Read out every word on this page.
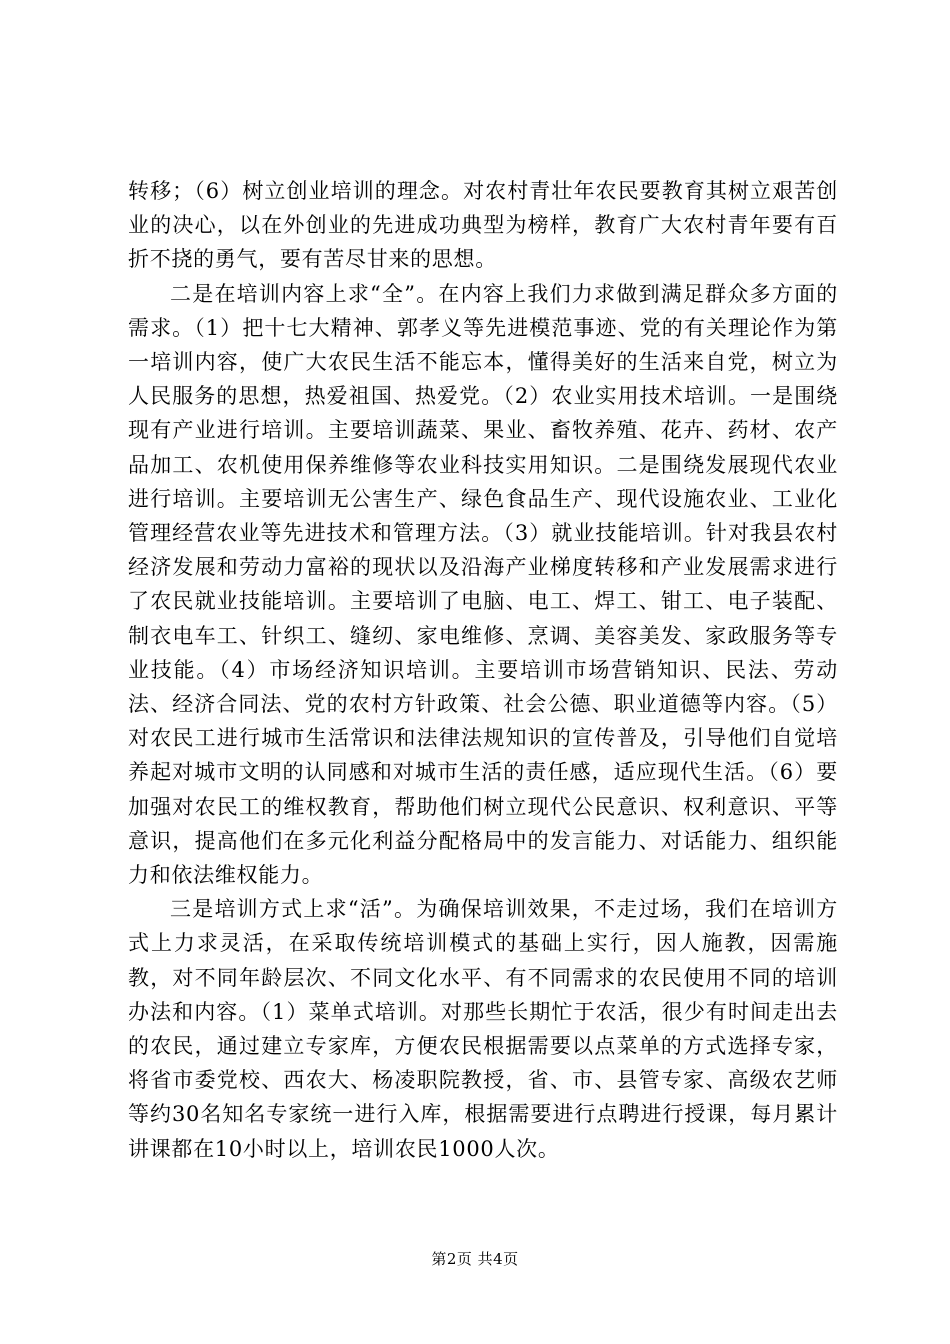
转移；（6）树立创业培训的理念。对农村青壮年农民要教育其树立艰苦创业的决心，以在外创业的先进成功典型为榜样，教育广大农村青年要有百折不挠的勇气，要有苦尽甘来的思想。

二是在培训内容上求“全”。在内容上我们力求做到满足群众多方面的需求。（1）把十七大精神、郭孝义等先进模范事迹、党的有关理论作为第一培训内容，使广大农民生活不能忘本，懂得美好的生活来自党，树立为人民服务的思想，热爱祖国、热爱党。（2）农业实用技术培训。一是围绕现有产业进行培训。主要培训蔬菜、果业、畜牧养殖、花卉、药材、农产品加工、农机使用保养维修等农业科技实用知识。二是围绕发展现代农业进行培训。主要培训无公害生产、绿色食品生产、现代设施农业、工业化管理经营农业等先进技术和管理方法。（3）就业技能培训。针对我县农村经济发展和劳动力富裕的现状以及沿海产业梯度转移和产业发展需求进行了农民就业技能培训。主要培训了电脑、电工、焊工、钳工、电子装配、制衣电车工、针织工、缝纫、家电维修、烹调、美容美发、家政服务等专业技能。（4）市场经济知识培训。主要培训市场营销知识、民法、劳动法、经济合同法、党的农村方针政策、社会公德、职业道德等内容。（5）对农民工进行城市生活常识和法律法规知识的宣传普及，引导他们自觉培养起对城市文明的认同感和对城市生活的责任感，适应现代生活。（6）要加强对农民工的维权教育，帮助他们树立现代公民意识、权利意识、平等意识，提高他们在多元化利益分配格局中的发言能力、对话能力、组织能力和依法维权能力。

三是培训方式上求“活”。为确保培训效果，不走过场，我们在培训方式上力求灵活，在采取传统培训模式的基础上实行，因人施教，因需施教，对不同年龄层次、不同文化水平、有不同需求的农民使用不同的培训办法和内容。（1）菜单式培训。对那些长期忙于农活，很少有时间走出去的农民，通过建立专家库，方便农民根据需要以点菜单的方式选择专家，将省市委党校、西农大、杨凌职院教授，省、市、县管专家、高级农艺师等约30名知名专家统一进行入库，根据需要进行点聘进行授课，每月累计讲课都在10小时以上，培训农民1000人次。

第2页 共4页
